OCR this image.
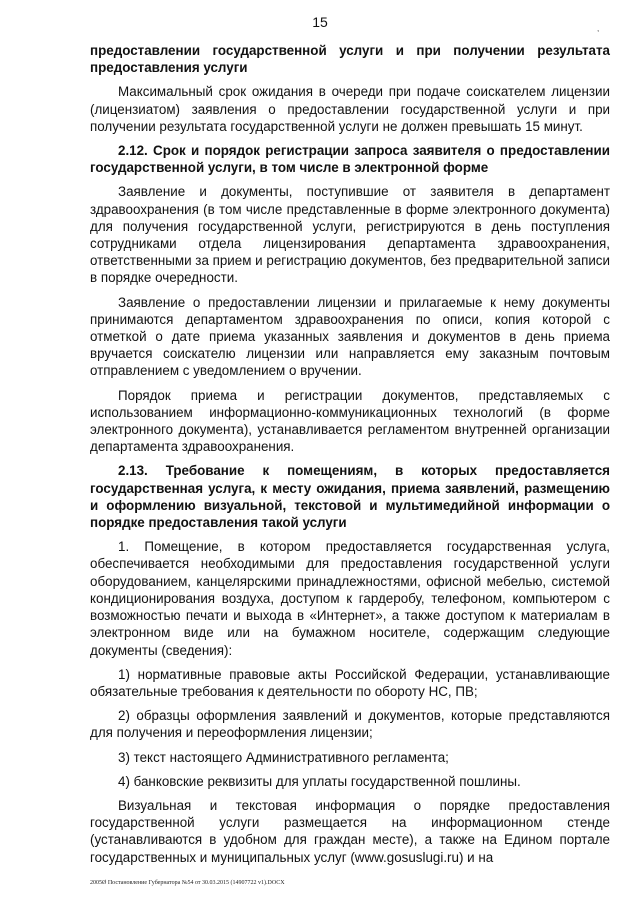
15	,

предоставлении государственной услуги и при получении результата предоставления услуги

Максимальный срок ожидания в очереди при подаче соискателем лицензии (лицензиатом) заявления о предоставлении государственной услуги и при получении результата государственной услуги не должен превышать 15 минут.

2.12. Срок и порядок регистрации запроса заявителя о предоставлении государственной услуги, в том числе в электронной форме

Заявление и документы, поступившие от заявителя в департамент здравоохранения (в том числе представленные в форме электронного документа) для получения государственной услуги, регистрируются в день поступления сотрудниками отдела лицензирования департамента здравоохранения, ответственными за прием и регистрацию документов, без предварительной записи в порядке очередности.

Заявление о предоставлении лицензии и прилагаемые к нему документы принимаются департаментом здравоохранения по описи, копия которой с отметкой о дате приема указанных заявления и документов в день приема вручается соискателю лицензии или направляется ему заказным почтовым отправлением с уведомлением о вручении.

Порядок приема и регистрации документов, представляемых с использованием информационно-коммуникационных технологий (в форме электронного документа), устанавливается регламентом внутренней организации департамента здравоохранения.

2.13. Требование к помещениям, в которых предоставляется государственная услуга, к месту ожидания, приема заявлений, размещению и оформлению визуальной, текстовой и мультимедийной информации о порядке предоставления такой услуги

1. Помещение, в котором предоставляется государственная услуга, обеспечивается необходимыми для предоставления государственной услуги оборудованием, канцелярскими принадлежностями, офисной мебелью, системой кондиционирования воздуха, доступом к гардеробу, телефоном, компьютером с возможностью печати и выхода в «Интернет», а также доступом к материалам в электронном виде или на бумажном носителе, содержащим следующие документы (сведения):

1) нормативные правовые акты Российской Федерации, устанавливающие обязательные требования к деятельности по обороту НС, ПВ;

2) образцы оформления заявлений и документов, которые представляются для получения и переоформления лицензии;

3) текст настоящего Административного регламента;

4) банковские реквизиты для уплаты государственной пошлины.

Визуальная и текстовая информация о порядке предоставления государственной услуги размещается на информационном стенде (устанавливаются в удобном для граждан месте), а также на Едином портале государственных и муниципальных услуг (www.gosuslugi.ru) и на

2005Ø Постановление Губернатора №54 от 30.03.2015 (14907722 v1).DOCX
